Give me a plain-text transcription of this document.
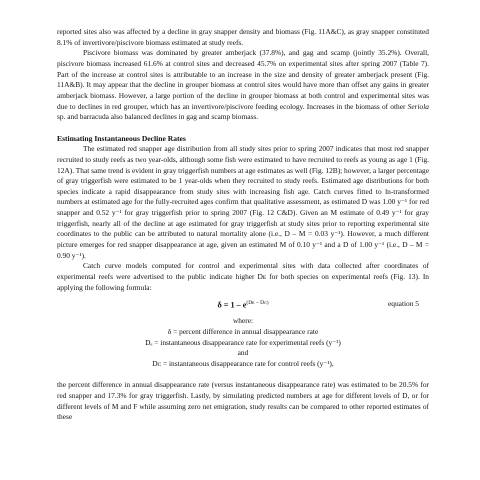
reported sites also was affected by a decline in gray snapper density and biomass (Fig. 11A&C), as gray snapper constituted 8.1% of invertivore/piscivore biomass estimated at study reefs.

Piscivore biomass was dominated by greater amberjack (37.8%), and gag and scamp (jointly 35.2%). Overall, piscivore biomass increased 61.6% at control sites and decreased 45.7% on experimental sites after spring 2007 (Table 7). Part of the increase at control sites is attributable to an increase in the size and density of greater amberjack present (Fig. 11A&B). It may appear that the decline in grouper biomass at control sites would have more than offset any gains in greater amberjack biomass. However, a large portion of the decline in grouper biomass at both control and experimental sites was due to declines in red grouper, which has an invertivore/piscivore feeding ecology. Increases in the biomass of other Seriola sp. and barracuda also balanced declines in gag and scamp biomass.

Estimating Instantaneous Decline Rates

The estimated red snapper age distribution from all study sites prior to spring 2007 indicates that most red snapper recruited to study reefs as two year-olds, although some fish were estimated to have recruited to reefs as young as age 1 (Fig. 12A). That same trend is evident in gray triggerfish numbers at age estimates as well (Fig. 12B); however, a larger percentage of gray triggerfish were estimated to be 1 year-olds when they recruited to study reefs. Estimated age distributions for both species indicate a rapid disappearance from study sites with increasing fish age. Catch curves fitted to ln-transformed numbers at estimated age for the fully-recruited ages confirm that qualitative assessment, as estimated D was 1.00 y⁻¹ for red snapper and 0.52 y⁻¹ for gray triggerfish prior to spring 2007 (Fig. 12 C&D). Given an M estimate of 0.49 y⁻¹ for gray triggerfish, nearly all of the decline at age estimated for gray triggerfish at study sites prior to reporting experimental site coordinates to the public can be attributed to natural mortality alone (i.e., D – M = 0.03 y⁻¹). However, a much different picture emerges for red snapper disappearance at age, given an estimated M of 0.10 y⁻¹ and a D of 1.00 y⁻¹ (i.e., D – M = 0.90 y⁻¹).

Catch curve models computed for control and experimental sites with data collected after coordinates of experimental reefs were advertised to the public indicate higher Dᴇ for both species on experimental reefs (Fig. 13). In applying the following formula:

$\delta = 1 - e^{(Dᴇ - Dᴄ)}$	equation 5

where:

δ = percent difference in annual disappearance rate

Dₑ = instantaneous disappearance rate for experimental reefs (y⁻¹)

and

Dᴄ = instantaneous disappearance rate for control reefs (y⁻¹),

the percent difference in annual disappearance rate (versus instantaneous disappearance rate) was estimated to be 20.5% for red snapper and 17.3% for gray triggerfish. Lastly, by simulating predicted numbers at age for different levels of D, or for different levels of M and F while assuming zero net emigration, study results can be compared to other reported estimates of these
